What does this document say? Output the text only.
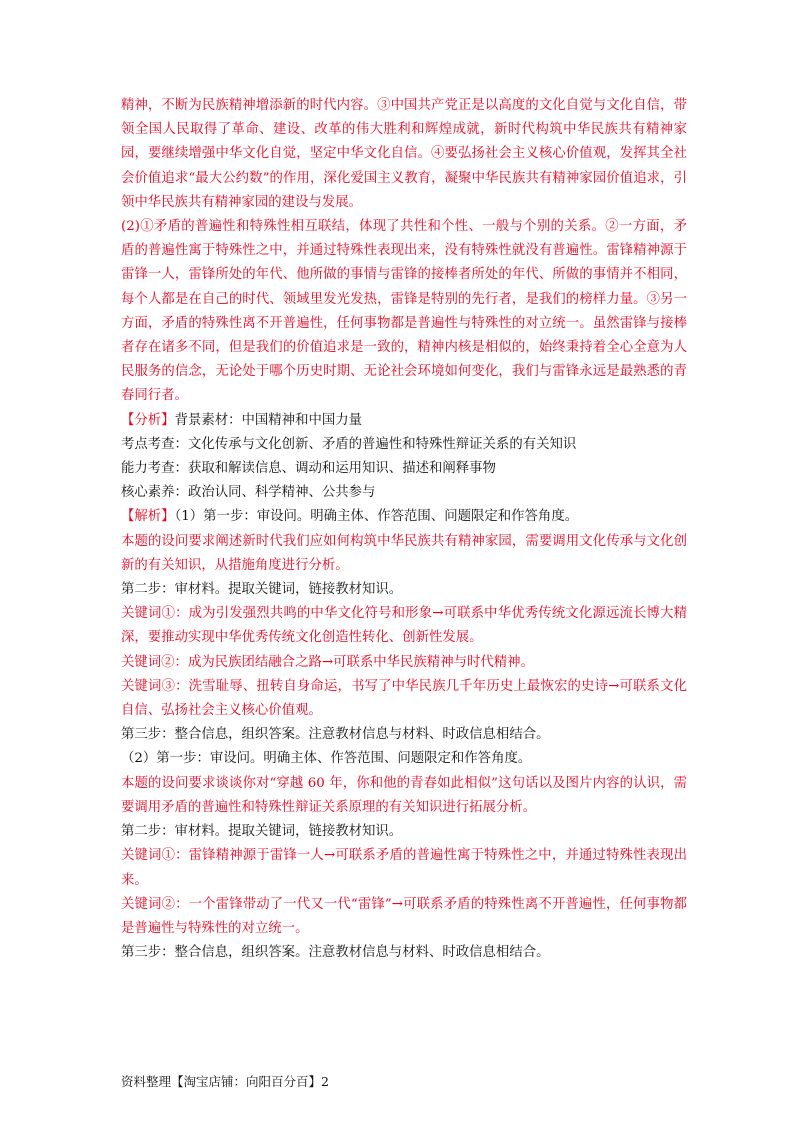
精神，不断为民族精神增添新的时代内容。③中国共产党正是以高度的文化自觉与文化自信，带领全国人民取得了革命、建设、改革的伟大胜利和辉煌成就，新时代构筑中华民族共有精神家园，要继续增强中华文化自觉，坚定中华文化自信。④要弘扬社会主义核心价值观，发挥其全社会价值追求“最大公约数”的作用，深化爱国主义教育，凝聚中华民族共有精神家园价值追求，引领中华民族共有精神家园的建设与发展。

(2)①矛盾的普遍性和特殊性相互联结，体现了共性和个性、一般与个别的关系。②一方面，矛盾的普遍性寓于特殊性之中，并通过特殊性表现出来，没有特殊性就没有普遍性。雷锋精神源于雷锋一人，雷锋所处的年代、他所做的事情与雷锋的接棒者所处的年代、所做的事情并不相同，每个人都是在自己的时代、领域里发光发热，雷锋是特别的先行者，是我们的榜样力量。③另一方面，矛盾的特殊性离不开普遍性，任何事物都是普遍性与特殊性的对立统一。虽然雷锋与接棒者存在诸多不同，但是我们的价值追求是一致的，精神内核是相似的，始终秉持着全心全意为人民服务的信念，无论处于哪个历史时期、无论社会环境如何变化，我们与雷锋永远是最熟悉的青春同行者。

【分析】背景素材：中国精神和中国力量

考点考查：文化传承与文化创新、矛盾的普遍性和特殊性辩证关系的有关知识

能力考查：获取和解读信息、调动和运用知识、描述和阐释事物

核心素养：政治认同、科学精神、公共参与

【解析】（1）第一步：审设问。明确主体、作答范围、问题限定和作答角度。

本题的设问要求阐述新时代我们应如何构筑中华民族共有精神家园，需要调用文化传承与文化创新的有关知识，从措施角度进行分析。

第二步：审材料。提取关键词，链接教材知识。

关键词①：成为引发强烈共鸣的中华文化符号和形象→可联系中华优秀传统文化源远流长博大精深，要推动实现中华优秀传统文化创造性转化、创新性发展。

关键词②：成为民族团结融合之路→可联系中华民族精神与时代精神。

关键词③：洗雪耻辱、扭转自身命运，书写了中华民族几千年历史上最恢宏的史诗→可联系文化自信、弘扬社会主义核心价值观。

第三步：整合信息，组织答案。注意教材信息与材料、时政信息相结合。

（2）第一步：审设问。明确主体、作答范围、问题限定和作答角度。

本题的设问要求谈谈你对“穿越 60 年，你和他的青春如此相似”这句话以及图片内容的认识，需要调用矛盾的普遍性和特殊性辩证关系原理的有关知识进行拓展分析。

第二步：审材料。提取关键词，链接教材知识。

关键词①：雷锋精神源于雷锋一人→可联系矛盾的普遍性寓于特殊性之中，并通过特殊性表现出来。

关键词②：一个雷锋带动了一代又一代“雷锋”→可联系矛盾的特殊性离不开普遍性，任何事物都是普遍性与特殊性的对立统一。

第三步：整合信息，组织答案。注意教材信息与材料、时政信息相结合。

资料整理【淘宝店铺：向阳百分百】2
